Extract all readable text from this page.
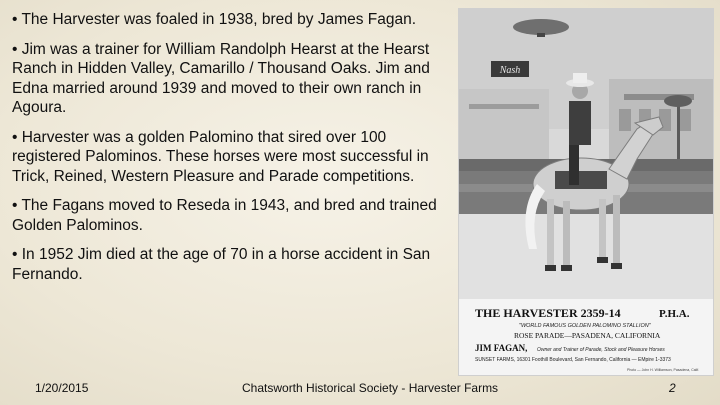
• The Harvester was foaled in 1938, bred by James Fagan.
• Jim was a trainer for William Randolph Hearst at the Hearst Ranch in Hidden Valley, Camarillo / Thousand Oaks. Jim and Edna married around 1939 and moved to their own ranch in Agoura.
• Harvester was a golden Palomino that sired over 100 registered Palominos. These horses were most successful in Trick, Reined, Western Pleasure and Parade competitions.
• The Fagans moved to Reseda in 1943, and bred and trained Golden Palominos.
• In 1952 Jim died at the age of 70 in a horse accident in San Fernando.
Nash
THE HARVESTER 2359-14	P.H.A.
"WORLD FAMOUS GOLDEN PALOMINO STALLION"
ROSE PARADE—PASADENA, CALIFORNIA
JIM FAGAN, Owner and Trainer of Parade, Stock and Pleasure Horses
SUNSET FARMS, 16301 Foothill Boulevard, San Fernando, California — EMpire 1-3373
Photo — John H. Williamson, Pasadena, Calif.
1/20/2015	Chatsworth Historical Society - Harvester Farms	2
